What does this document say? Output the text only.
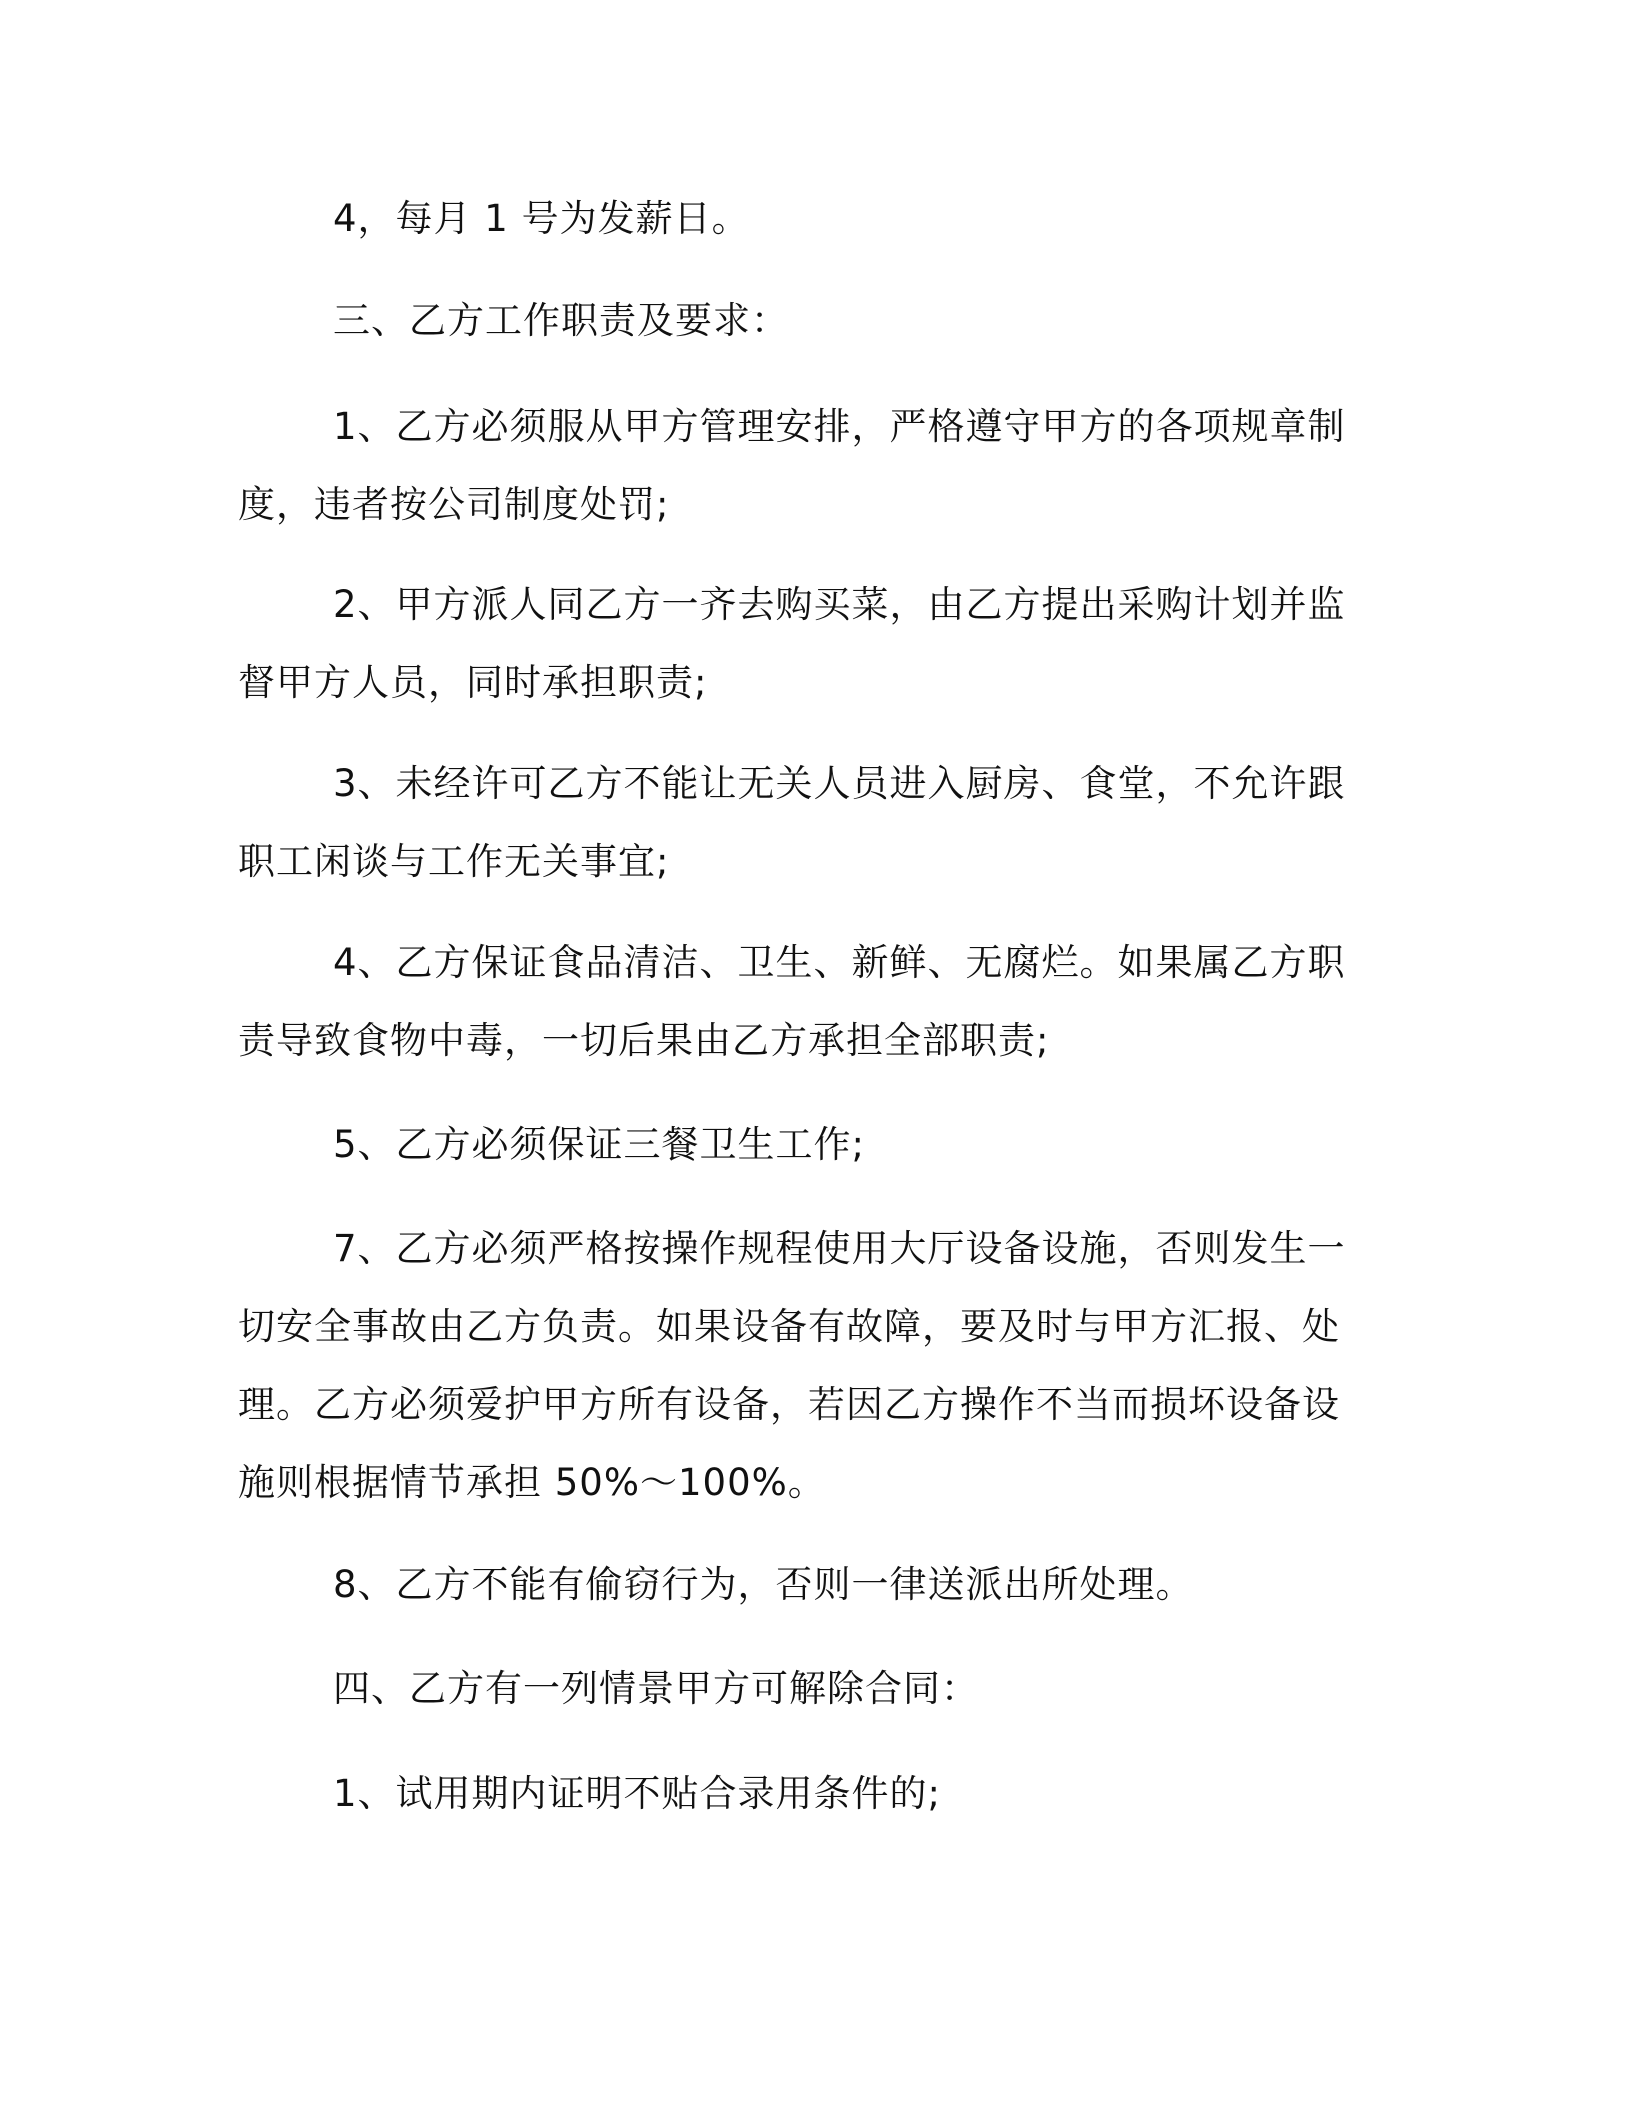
4，每月 1 号为发薪日。

三、乙方工作职责及要求：

1、乙方必须服从甲方管理安排，严格遵守甲方的各项规章制度，违者按公司制度处罚;

2、甲方派人同乙方一齐去购买菜，由乙方提出采购计划并监督甲方人员，同时承担职责;

3、未经许可乙方不能让无关人员进入厨房、食堂，不允许跟职工闲谈与工作无关事宜;

4、乙方保证食品清洁、卫生、新鲜、无腐烂。如果属乙方职责导致食物中毒，一切后果由乙方承担全部职责;

5、乙方必须保证三餐卫生工作;

7、乙方必须严格按操作规程使用大厅设备设施，否则发生一切安全事故由乙方负责。如果设备有故障，要及时与甲方汇报、处理。乙方必须爱护甲方所有设备，若因乙方操作不当而损坏设备设施则根据情节承担 50%～100%。

8、乙方不能有偷窃行为，否则一律送派出所处理。

四、乙方有一列情景甲方可解除合同：

1、试用期内证明不贴合录用条件的;
